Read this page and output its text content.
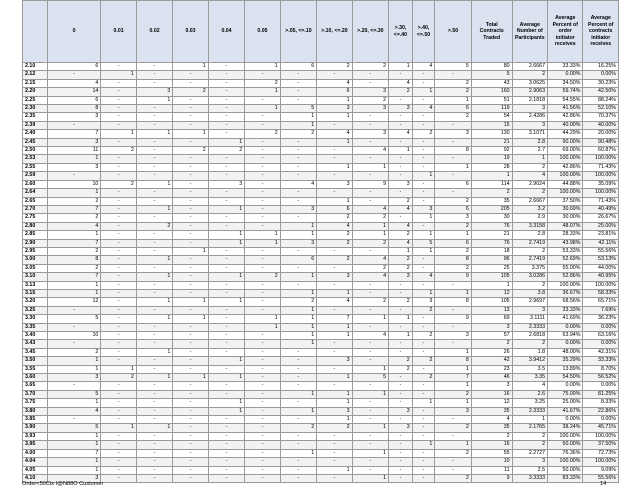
	0	0.01	0.02	0.03	0.04	0.05	>.05, <=.10	>.10, <=.20	>.20, <=.30	>.30, <=.40	>.40, <=.50	>.50	Total Contracts Traded	Average Number of Participants	Average Percent of order initiator receives	Average Percent of contracts initiator receives
2.10	6	-	-	1	-	1	6	2	2	1	4	5	80	2.6667	33.33%	16.25%
2.12	-	1	-	-	-	-	-	-	-	-	-	-	5	2	0.00%	0.00%
2.15	4	-	-	-	-	2	-	4	-	4	-	2	43	3.0625	34.50%	30.23%
2.20	14	-	3	2	-	1	-	6	3	2	1	2	160	2.9063	59.74%	42.50%
2.25	6	-	1	-	-	-	-	1	2	-	-	1	51	2.1818	54.55%	88.24%
2.30	8	-	-	-	-	1	5	3	3	3	4	6	119	3	41.56%	52.10%
2.35	3	-	-	-	-	-	1	1	-	-	-	2	54	2.4286	42.86%	70.37%
2.39	-	-	-	-	-	-	1	-	-	-	-	-	15	3	40.00%	40.00%
2.40	7	1	1	1	-	2	2	4	3	4	2	3	130	3.1071	44.29%	20.00%
2.45	3	-	-	-	1	-	-	1	-	-	-	-	21	2.8	90.00%	90.48%
2.50	11	2	-	2	2	-	-	-	4	1	-	8	92	2.7	69.00%	60.87%
2.53	1	-	-	-	-	-	-	-	-	-	-	-	19	1	100.00%	100.00%
2.55	3	-	-	-	-	-	-	1	1	-	-	1	28	2	42.86%	71.43%
2.59	-	-	-	-	-	-	-	-	-	-	1	-	1	4	100.00%	100.00%
2.60	10	2	1	-	3	-	4	3	9	3	-	6	114	2.9024	44.88%	35.09%
2.64	1	-	-	-	-	-	-	-	-	-	-	-	2	2	100.00%	100.00%
2.65	2	-	-	-	-	-	-	1	-	2	-	2	35	2.6667	37.50%	71.43%
2.70	7	-	1	-	1	-	3	6	4	4	3	6	205	3.2	30.69%	40.49%
2.75	2	-	-	-	-	-	-	2	2	-	1	3	30	2.9	30.00%	26.67%
2.80	4	-	2	-	-	-	1	4	1	4	-	2	76	3.3158	48.07%	25.00%
2.85	1	-	-	-	1	1	1	2	1	2	1	1	21	2.8	28.33%	23.81%
2.90	7	-	-	-	1	1	3	2	2	4	5	6	76	2.7419	43.98%	42.11%
2.95	2	-	-	1	-	-	-	-	-	1	1	2	18	2	53.33%	55.56%
3.00	8	-	1	-	-	-	6	2	4	2	-	8	96	2.7419	52.69%	53.13%
3.05	2	-	-	-	-	-	-	-	2	2	-	2	25	3.375	55.00%	44.00%
3.10	7	-	1	-	1	2	1	3	4	3	4	9	105	3.0286	52.86%	40.95%
3.13	1	-	-	-	-	-	-	-	-	-	-	-	1	2	100.00%	100.00%
3.15	1	-	-	-	-	-	1	1	-	-	1	1	12	3.8	36.67%	58.33%
3.20	12	-	1	1	1	-	2	4	2	2	3	8	105	2.9697	68.56%	65.71%
3.25	-	-	-	-	-	-	1	-	-	-	2	-	13	3	33.33%	7.69%
3.30	5	-	1	1	-	1	1	7	1	1	-	9	69	3.1111	41.69%	36.23%
3.35	-	-	-	-	-	1	1	1	-	-	-	-	3	2.3333	0.00%	0.00%
3.40	10	-	-	-	-	-	1	1	4	1	2	3	57	2.6818	63.94%	63.16%
3.43	-	-	-	-	-	-	1	-	-	-	-	-	2	2	0.00%	0.00%
3.45	2	-	1	-	-	-	-	-	-	-	-	1	26	1.8	48.00%	42.31%
3.50	1	-	-	-	1	-	-	3	-	2	2	8	42	3.9412	35.29%	33.33%
3.55	1	1	-	-	-	-	-	-	1	2	-	1	23	3.5	13.89%	8.70%
3.60	3	2	1	1	1	-	-	1	5	-	2	7	46	3.35	54.50%	56.52%
3.65	-	-	-	-	-	-	-	-	-	-	-	1	3	4	0.00%	0.00%
3.70	5	-	-	-	-	-	1	1	1	-	-	2	16	2.6	75.00%	81.25%
3.75	1	-	-	-	1	-	-	1	-	-	1	1	12	3.25	25.00%	8.33%
3.80	4	-	-	-	1	-	1	3	-	3	-	3	35	2.3333	41.67%	22.86%
3.85	-	-	-	-	-	-	-	1	-	-	-	-	4	1	0.00%	0.00%
3.90	5	1	1	-	-	-	2	2	1	3	-	2	35	2.1765	38.24%	45.71%
3.93	1	-	-	-	-	-	-	-	-	-	-	-	2	2	100.00%	100.00%
3.95	1	-	-	-	-	-	-	-	-	-	1	1	16	2	50.00%	37.50%
4.00	7	-	-	-	-	-	1	-	1	-	-	2	55	2.2727	76.36%	72.73%
4.04	1	-	-	-	-	-	-	-	-	-	-	-	10	3	100.00%	100.00%
4.05	1	-	-	-	-	-	-	1	-	-	-	-	11	2.5	50.00%	9.09%
4.10	3	-	-	-	-	-	-	-	1	-	-	2	9	3.3333	83.33%	55.56%
Order<50Ctx I@N88O Customer	14
